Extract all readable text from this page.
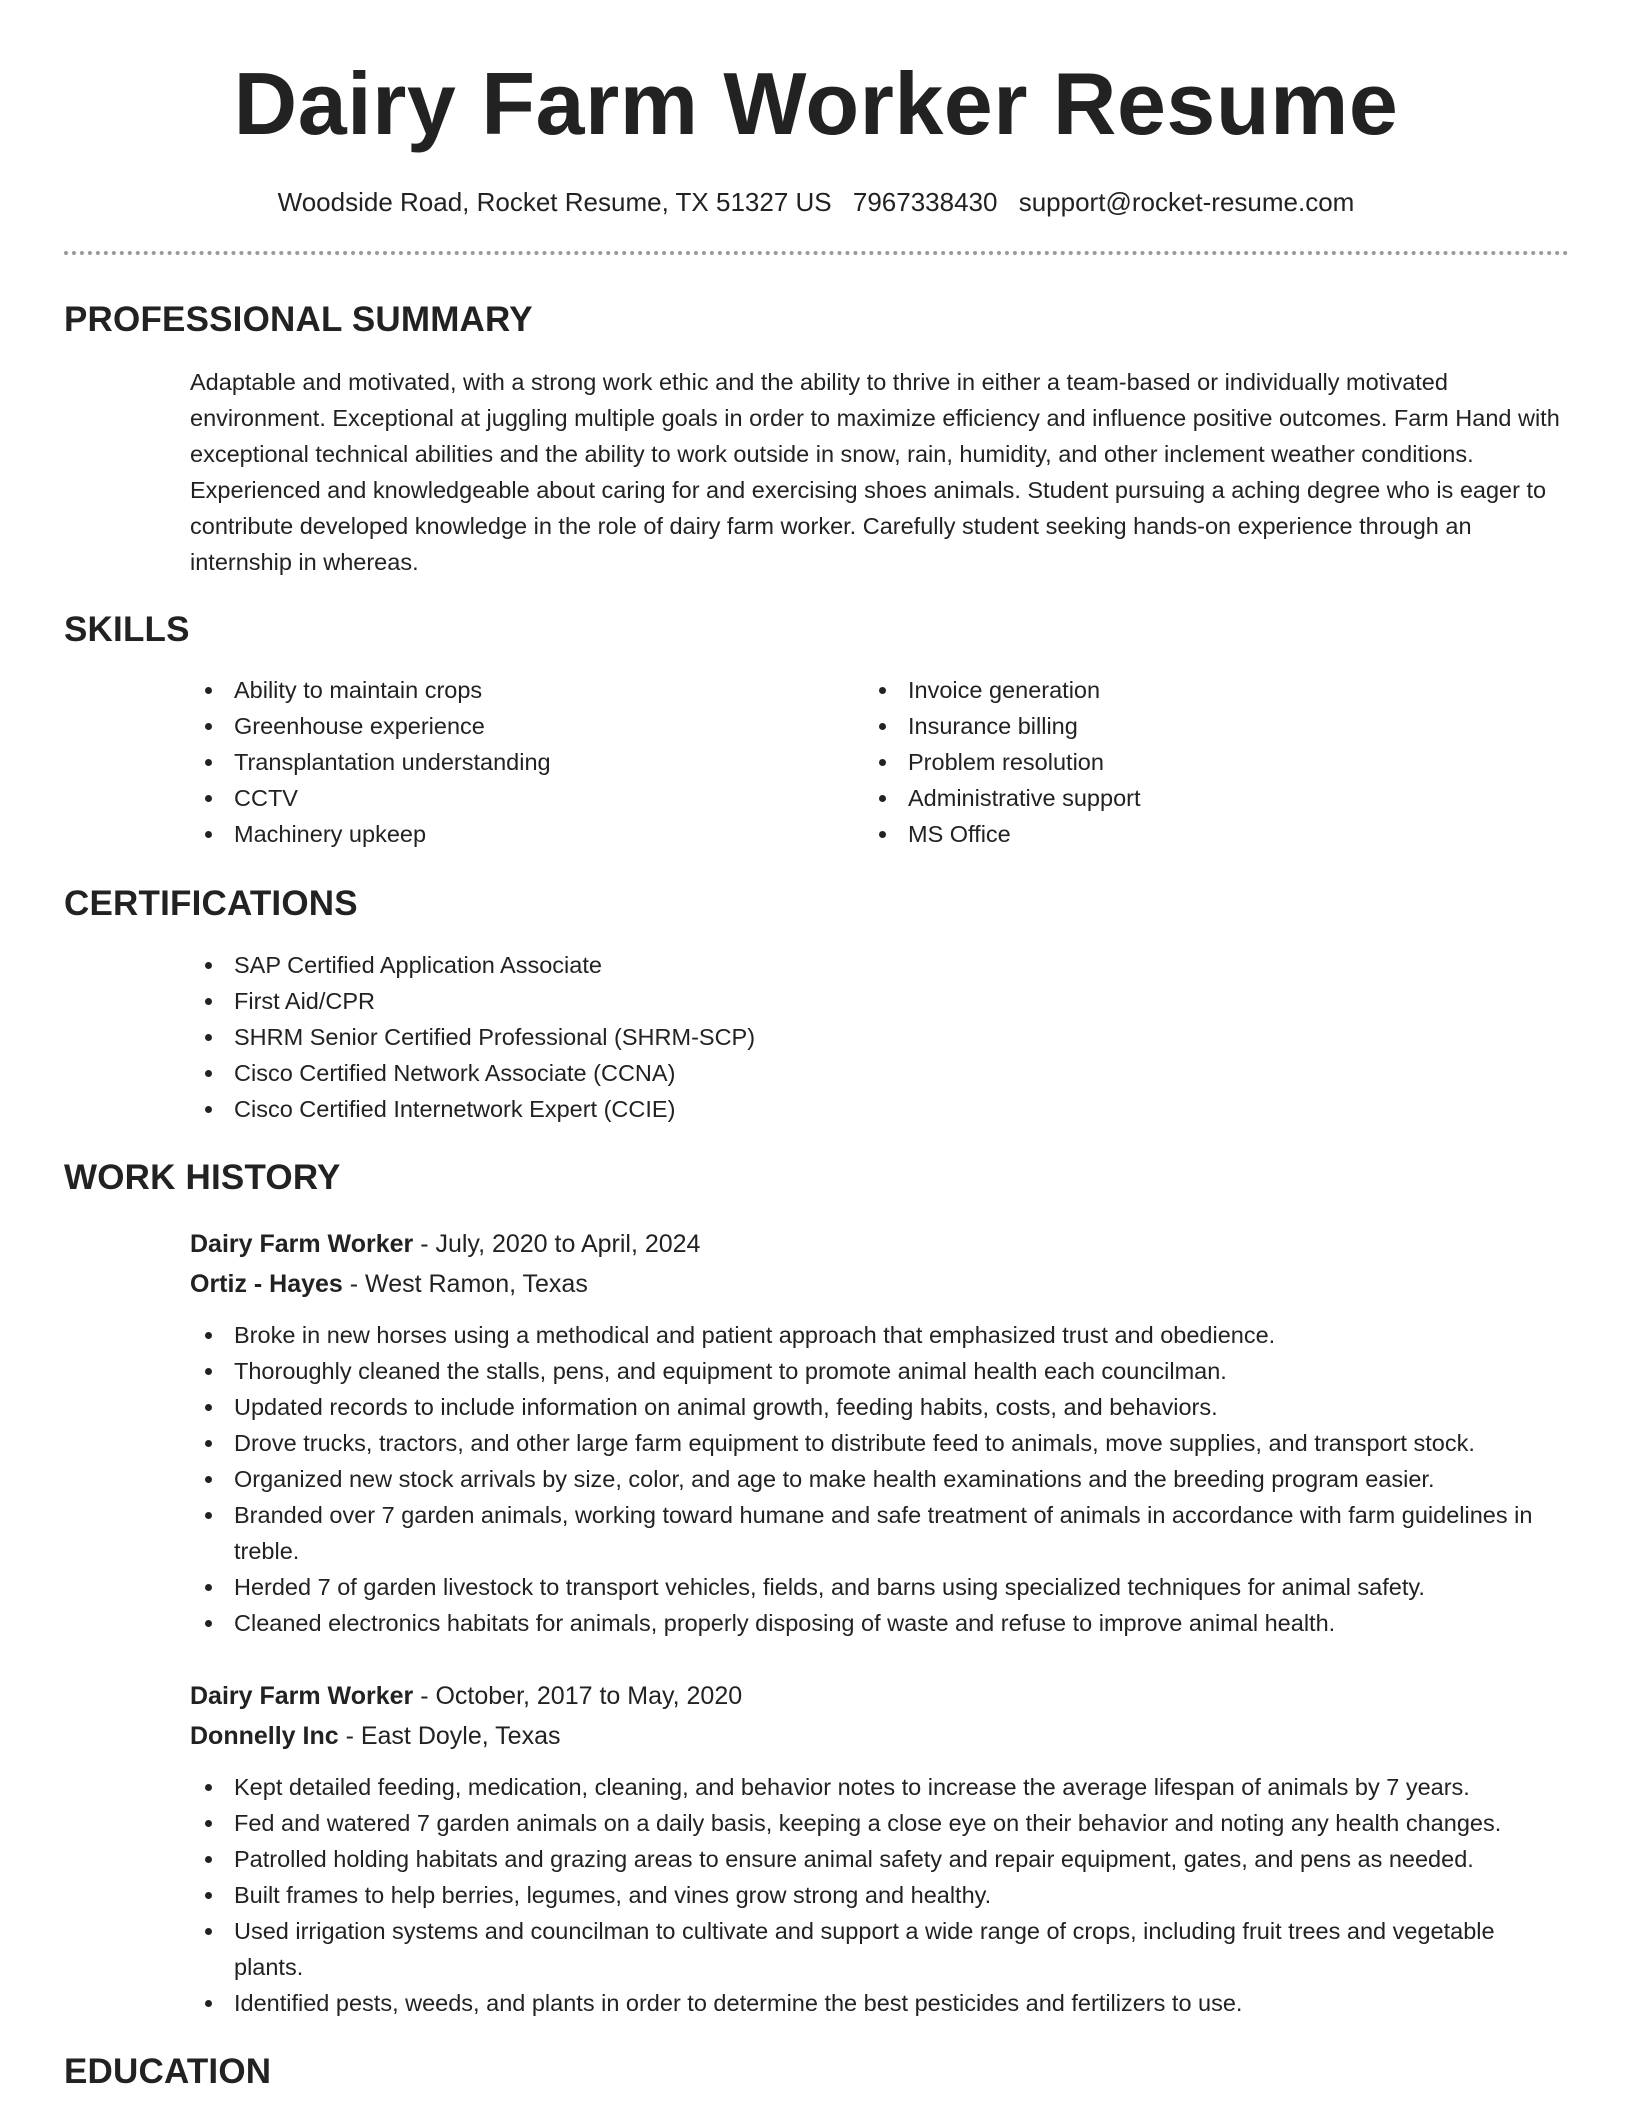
Dairy Farm Worker Resume
Woodside Road, Rocket Resume, TX 51327 US 7967338430 support@rocket-resume.com
PROFESSIONAL SUMMARY
Adaptable and motivated, with a strong work ethic and the ability to thrive in either a team-based or individually motivated environment. Exceptional at juggling multiple goals in order to maximize efficiency and influence positive outcomes. Farm Hand with exceptional technical abilities and the ability to work outside in snow, rain, humidity, and other inclement weather conditions. Experienced and knowledgeable about caring for and exercising shoes animals. Student pursuing a aching degree who is eager to contribute developed knowledge in the role of dairy farm worker. Carefully student seeking hands-on experience through an internship in whereas.
SKILLS
Ability to maintain crops
Greenhouse experience
Transplantation understanding
CCTV
Machinery upkeep
Invoice generation
Insurance billing
Problem resolution
Administrative support
MS Office
CERTIFICATIONS
SAP Certified Application Associate
First Aid/CPR
SHRM Senior Certified Professional (SHRM-SCP)
Cisco Certified Network Associate (CCNA)
Cisco Certified Internetwork Expert (CCIE)
WORK HISTORY
Dairy Farm Worker - July, 2020 to April, 2024
Ortiz - Hayes - West Ramon, Texas
Broke in new horses using a methodical and patient approach that emphasized trust and obedience.
Thoroughly cleaned the stalls, pens, and equipment to promote animal health each councilman.
Updated records to include information on animal growth, feeding habits, costs, and behaviors.
Drove trucks, tractors, and other large farm equipment to distribute feed to animals, move supplies, and transport stock.
Organized new stock arrivals by size, color, and age to make health examinations and the breeding program easier.
Branded over 7 garden animals, working toward humane and safe treatment of animals in accordance with farm guidelines in treble.
Herded 7 of garden livestock to transport vehicles, fields, and barns using specialized techniques for animal safety.
Cleaned electronics habitats for animals, properly disposing of waste and refuse to improve animal health.
Dairy Farm Worker - October, 2017 to May, 2020
Donnelly Inc - East Doyle, Texas
Kept detailed feeding, medication, cleaning, and behavior notes to increase the average lifespan of animals by 7 years.
Fed and watered 7 garden animals on a daily basis, keeping a close eye on their behavior and noting any health changes.
Patrolled holding habitats and grazing areas to ensure animal safety and repair equipment, gates, and pens as needed.
Built frames to help berries, legumes, and vines grow strong and healthy.
Used irrigation systems and councilman to cultivate and support a wide range of crops, including fruit trees and vegetable plants.
Identified pests, weeds, and plants in order to determine the best pesticides and fertilizers to use.
EDUCATION
